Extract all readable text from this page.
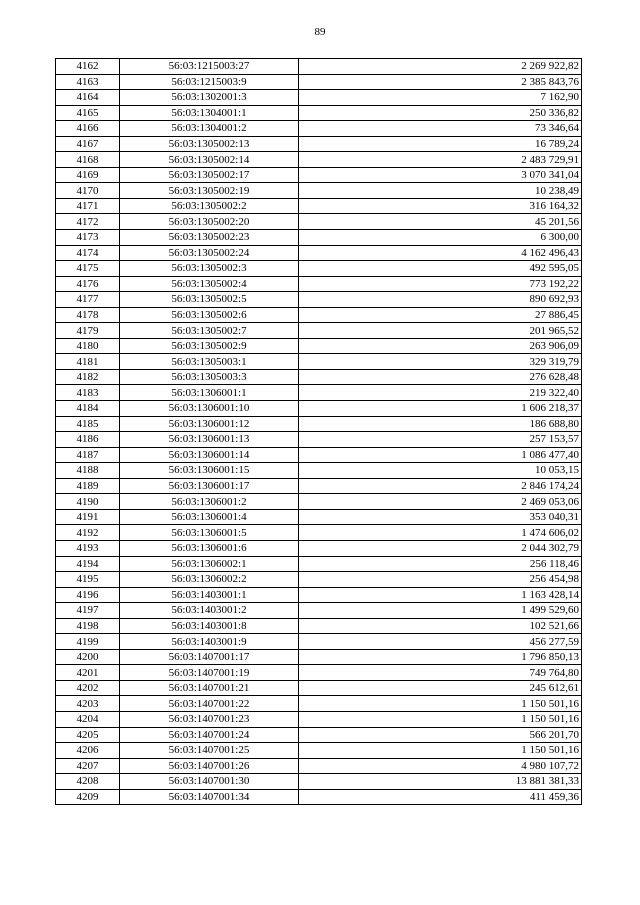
89
4162	56:03:1215003:27	2 269 922,82
4163	56:03:1215003:9	2 385 843,76
4164	56:03:1302001:3	7 162,90
4165	56:03:1304001:1	250 336,82
4166	56:03:1304001:2	73 346,64
4167	56:03:1305002:13	16 789,24
4168	56:03:1305002:14	2 483 729,91
4169	56:03:1305002:17	3 070 341,04
4170	56:03:1305002:19	10 238,49
4171	56:03:1305002:2	316 164,32
4172	56:03:1305002:20	45 201,56
4173	56:03:1305002:23	6 300,00
4174	56:03:1305002:24	4 162 496,43
4175	56:03:1305002:3	492 595,05
4176	56:03:1305002:4	773 192,22
4177	56:03:1305002:5	890 692,93
4178	56:03:1305002:6	27 886,45
4179	56:03:1305002:7	201 965,52
4180	56:03:1305002:9	263 906,09
4181	56:03:1305003:1	329 319,79
4182	56:03:1305003:3	276 628,48
4183	56:03:1306001:1	219 322,40
4184	56:03:1306001:10	1 606 218,37
4185	56:03:1306001:12	186 688,80
4186	56:03:1306001:13	257 153,57
4187	56:03:1306001:14	1 086 477,40
4188	56:03:1306001:15	10 053,15
4189	56:03:1306001:17	2 846 174,24
4190	56:03:1306001:2	2 469 053,06
4191	56:03:1306001:4	353 040,31
4192	56:03:1306001:5	1 474 606,02
4193	56:03:1306001:6	2 044 302,79
4194	56:03:1306002:1	256 118,46
4195	56:03:1306002:2	256 454,98
4196	56:03:1403001:1	1 163 428,14
4197	56:03:1403001:2	1 499 529,60
4198	56:03:1403001:8	102 521,66
4199	56:03:1403001:9	456 277,59
4200	56:03:1407001:17	1 796 850,13
4201	56:03:1407001:19	749 764,80
4202	56:03:1407001:21	245 612,61
4203	56:03:1407001:22	1 150 501,16
4204	56:03:1407001:23	1 150 501,16
4205	56:03:1407001:24	566 201,70
4206	56:03:1407001:25	1 150 501,16
4207	56:03:1407001:26	4 980 107,72
4208	56:03:1407001:30	13 881 381,33
4209	56:03:1407001:34	411 459,36
